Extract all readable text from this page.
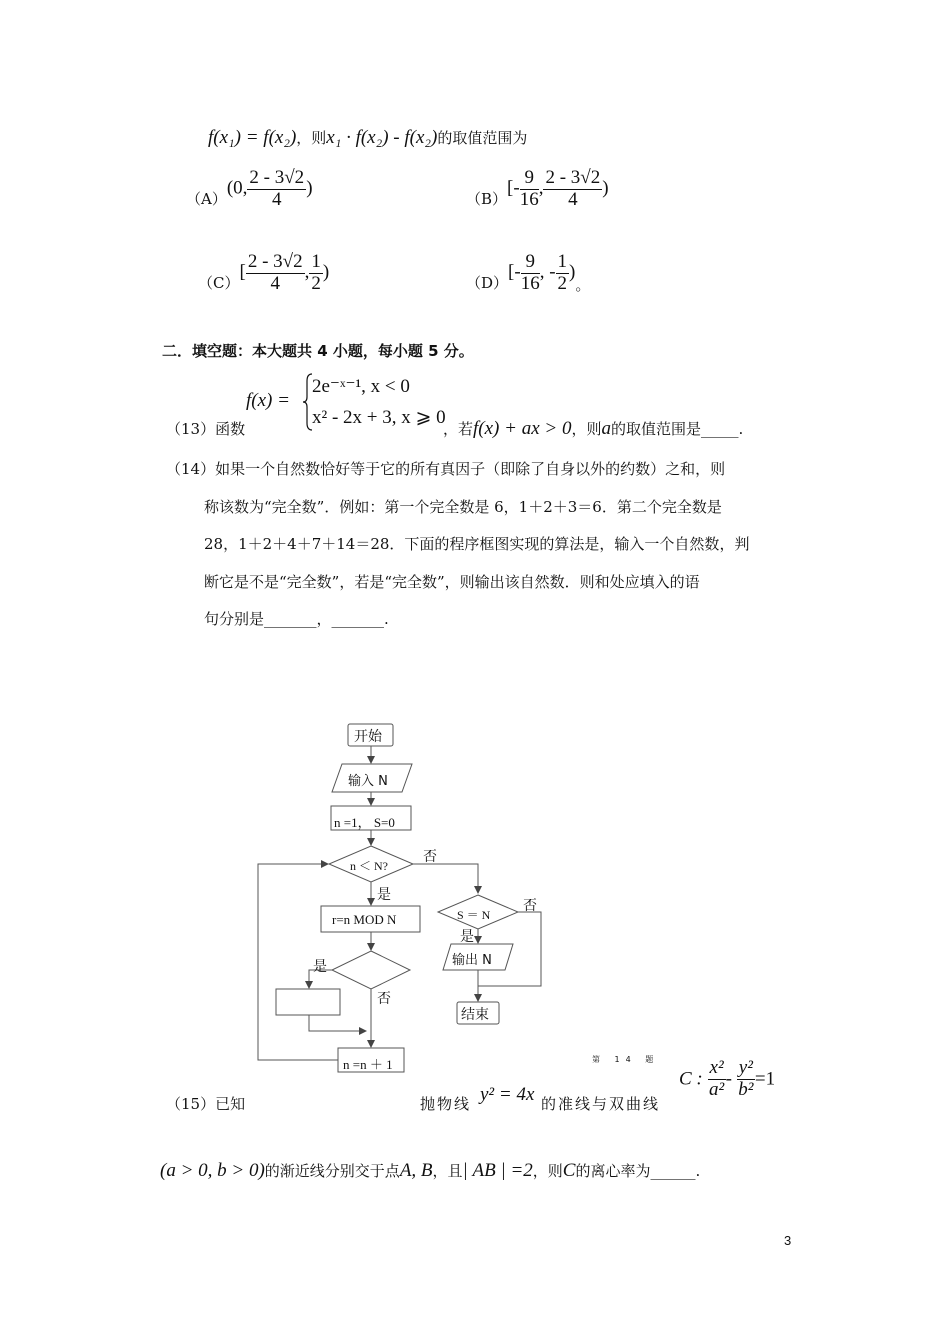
f(x₁) = f(x₂)，则x₁ · f(x₂) - f(x₂)的取值范围为
（A）(0, $\frac{2 - 3√2}{4}$ )
$(B)[- \frac{9}{16}$ , $\frac{2 - 3√2}{4}$ )
$(C)[ \frac{2 - 3√2}{4}$ , $\frac{1}{2}$ )
$(D)[- \frac{9}{16}$ , - $\frac{1}{2}$ )。
二．填空题：本大题共 4 小题，每小题 5 分。
（13）函数
f(x) =
2e⁻ˣ⁻¹, x < 0
x² - 2x + 3, x ⩾ 0
，若f(x) + ax > 0，则a的取值范围是_____.
（14）如果一个自然数恰好等于它的所有真因子（即除了自身以外的约数）之和，则
称该数为“完全数”．例如：第一个完全数是 6，1＋2＋3＝6．第二个完全数是
28，1＋2＋4＋7＋14＝28．下面的程序框图实现的算法是，输入一个自然数，判
断它是不是“完全数”，若是“完全数”，则输出该自然数．则和处应填入的语
句分别是_______，_______.
开始
输入 N
n =1， S=0
n ＜ N?
否
是
r=n MOD N
是
否
n =n ＋ 1
S ＝ N
否
是
输出 N
结束
第 14 题
（15）已知	抛物线 y² = 4x 的准线与双曲线
C : $\frac{\text{x²}}{\text{a²}} - \frac{\text{y²}}{\text{b²}} =1$
(a > 0, b > 0)的渐近线分别交于点A, B，且| AB | =2，则C的离心率为______.
3
